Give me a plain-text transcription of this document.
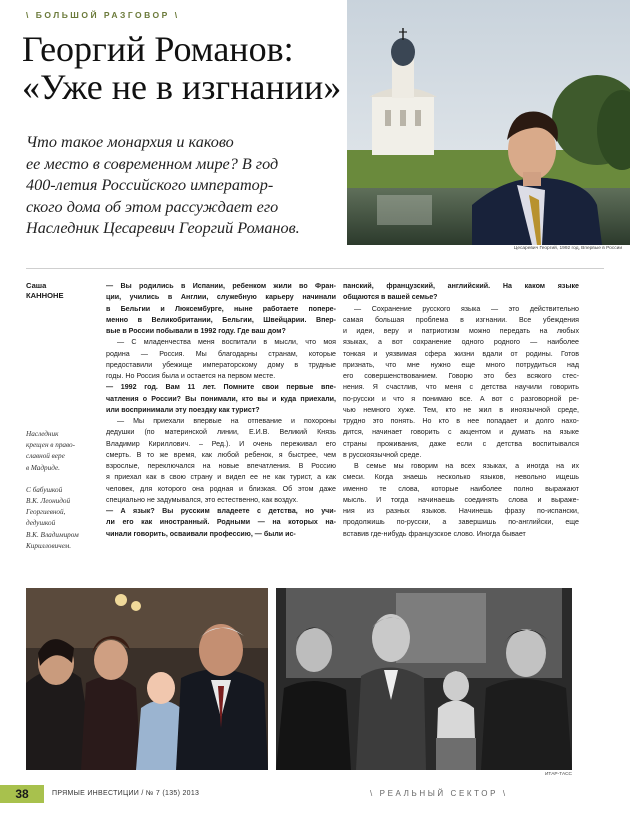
\ БОЛЬШОЙ РАЗГОВОР \
Георгий Романов:
«Уже не в изгнании»

Что такое монархия и каково
ее место в современном мире? В год
400-летия Российского император-
ского дома об этом рассуждает его
Наследник Цесаревич Георгий Романов.

Цесаревич Георгий, 1992 год, Впервые в России
Саша
КАННОНЕ

Наследник
крещен в право-
славной вере
в Мадриде.

С бабушкой
В.К. Леонидой
Георгиевной,
дедушкой
В.К. Владимиром
Кирилловичем.

— Вы родились в Испании, ребенком жили во Фран-

ции, учились в Англии, служебную карьеру начинали

в Бельгии и Люксембурге, ныне работаете попере-

менно в Великобритании, Бельгии, Швейцарии. Впер-

вые в России побывали в 1992 году. Где ваш дом?

— С младенчества меня воспитали в мысли, что моя

родина — Россия. Мы благодарны странам, которые

предоставили убежище императорскому дому в трудные

годы. Но Россия была и остается на первом месте.

— 1992 год. Вам 11 лет. Помните свои первые впе-

чатления о России? Вы понимали, кто вы и куда приехали,

или воспринимали эту поездку как турист?

— Мы приехали впервые на отпевание и похороны

дедушки (по материнской линии, Е.И.В. Великий Князь

Владимир Кириллович. – Ред.). И очень переживал его

смерть. В то же время, как любой ребенок, я быстрее, чем

взрослые, переключался на новые впечатления. В Россию

я приехал как в свою страну и видел ее не как турист, а как

человек, для которого она родная и близкая. Об этом даже

специально не задумывался, это естественно, как воздух.

— А язык? Вы русским владеете с детства, но учи-

ли его как иностранный. Родными — на которых на-

чинали говорить, осваивали профессию, — были ис-

панский, французский, английский. На каком языке

общаются в вашей семье?

— Сохранение русского языка — это действительно

самая большая проблема в изгнании. Все убеждения

и идеи, веру и патриотизм можно передать на любых

языках, а вот сохранение одного родного — наиболее

тонкая и уязвимая сфера жизни вдали от родины. Готов

признать, что мне нужно еще много потрудиться над

его совершенствованием. Говорю это без всякого стес-

нения. Я счастлив, что меня с детства научили говорить

по-русски и что я понимаю все. А вот с разговорной ре-

чью немного хуже. Тем, кто не жил в иноязычной среде,

трудно это понять. Но кто в нее попадает и долго нахо-

дится, начинает говорить с акцентом и думать на языке

страны проживания, даже если с детства воспитывался

в русскоязычной среде.

В семье мы говорим на всех языках, а иногда на их

смеси. Когда знаешь несколько языков, невольно ищешь

именно те слова, которые наиболее полно выражают

мысль. И тогда начинаешь соединять слова и выраже-

ния из разных языков. Начинешь фразу по-испански,

продолжишь по-русски, а завершишь по-английски, еще

вставив где-нибудь французское слово. Иногда бывает

ИТАР-ТАСС
38	ПРЯМЫЕ ИНВЕСТИЦИИ / № 7 (135) 2013	\ РЕАЛЬНЫЙ СЕКТОР \
